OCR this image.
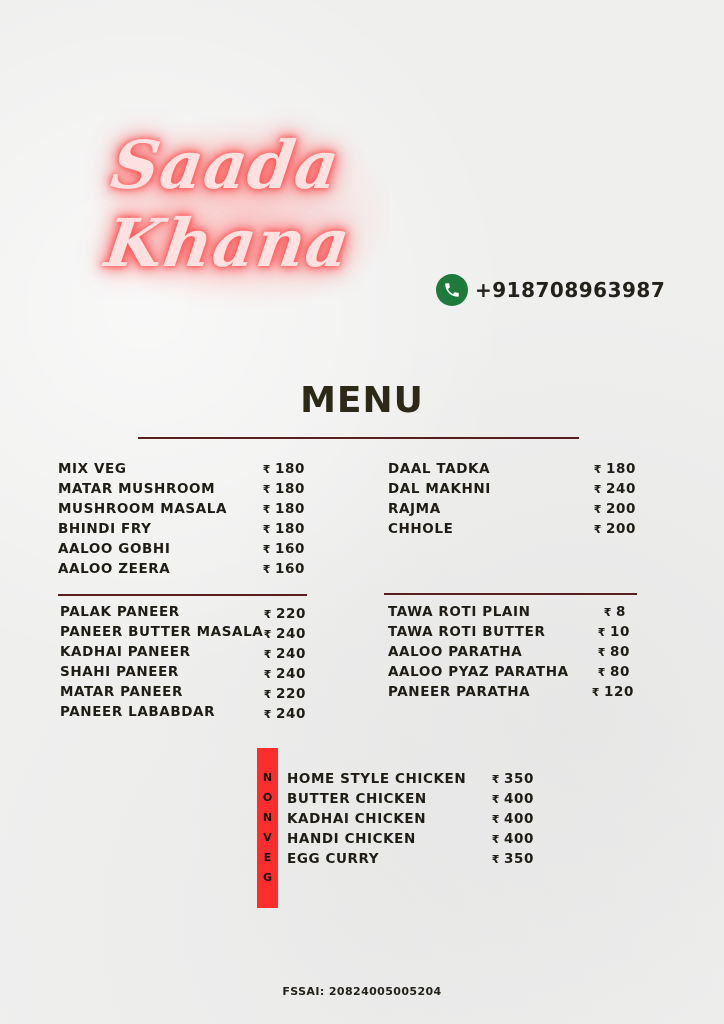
Saada
Khana
+918708963987
MENU
MIX VEG	₹ 180
MATAR MUSHROOM	₹ 180
MUSHROOM MASALA	₹ 180
BHINDI FRY	₹ 180
AALOO GOBHI	₹ 160
AALOO ZEERA	₹ 160
DAAL TADKA	₹ 180
DAL MAKHNI	₹ 240
RAJMA	₹ 200
CHHOLE	₹ 200
PALAK PANEER	₹ 220
PANEER BUTTER MASALA ₹ 240
KADHAI PANEER	₹ 240
SHAHI PANEER	₹ 240
MATAR PANEER	₹ 220
PANEER LABABDAR	₹ 240
TAWA ROTI PLAIN	₹ 8
TAWA ROTI BUTTER	₹ 10
AALOO PARATHA	₹ 80
AALOO PYAZ PARATHA	₹ 80
PANEER PARATHA	₹ 120
N
O
N
V
E
G
HOME STYLE CHICKEN ₹ 350
BUTTER CHICKEN	₹ 400
KADHAI CHICKEN	₹ 400
HANDI CHICKEN	₹ 400
EGG CURRY	₹ 350
FSSAI: 20824005005204
